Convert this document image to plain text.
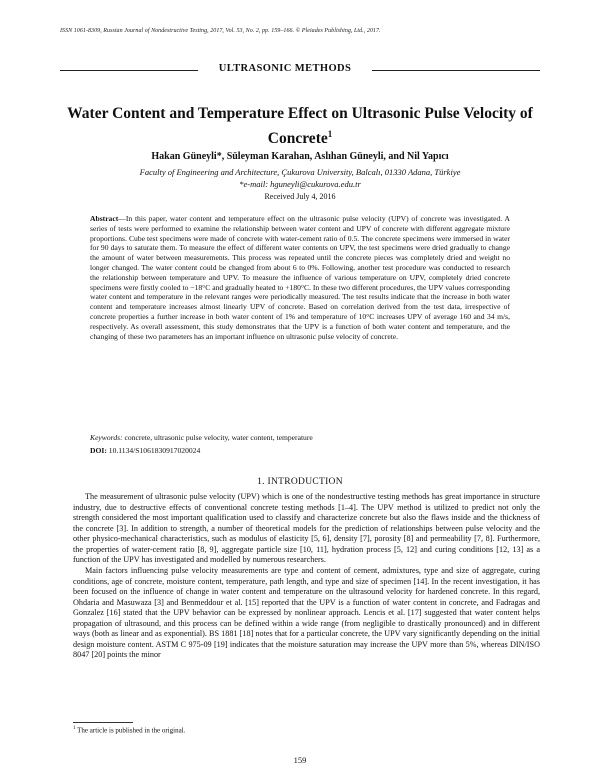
ISSN 1061-8309, Russian Journal of Nondestructive Testing, 2017, Vol. 53, No. 2, pp. 159–166. © Pleiades Publishing, Ltd., 2017.
ULTRASONIC METHODS
Water Content and Temperature Effect on Ultrasonic Pulse Velocity of Concrete$^1$
Hakan Güneyli*, Süleyman Karahan, Aslıhan Güneyli, and Nil Yapıcı
Faculty of Engineering and Architecture, Çukurova University, Balcalı, 01330 Adana, Türkiye
*e-mail: hguneyli@cukurova.edu.tr
Received July 4, 2016
Abstract—In this paper, water content and temperature effect on the ultrasonic pulse velocity (UPV) of concrete was investigated. A series of tests were performed to examine the relationship between water content and UPV of concrete with different aggregate mixture proportions. Cube test specimens were made of concrete with water-cement ratio of 0.5. The concrete specimens were immersed in water for 90 days to saturate them. To measure the effect of different water contents on UPV, the test specimens were dried gradually to change the amount of water between measurements. This process was repeated until the concrete pieces was completely dried and weight no longer changed. The water content could be changed from about 6 to 0%. Following, another test procedure was conducted to research the relationship between temperature and UPV. To measure the influence of various temperature on UPV, completely dried concrete specimens were firstly cooled to −18°C and gradually heated to +180°C. In these two different procedures, the UPV values corresponding water content and temperature in the relevant ranges were periodically measured. The test results indicate that the increase in both water content and temperature increases almost linearly UPV of concrete. Based on correlation derived from the test data, irrespective of concrete properties a further increase in both water content of 1% and temperature of 10°C increases UPV of average 160 and 34 m/s, respectively. As overall assessment, this study demonstrates that the UPV is a function of both water content and temperature, and the changing of these two parameters has an important influence on ultrasonic pulse velocity of concrete.
Keywords: concrete, ultrasonic pulse velocity, water content, temperature
DOI: 10.1134/S1061830917020024
1. INTRODUCTION

The measurement of ultrasonic pulse velocity (UPV) which is one of the nondestructive testing methods has great importance in structure industry, due to destructive effects of conventional concrete testing methods [1–4]. The UPV method is utilized to predict not only the strength considered the most important qualification used to classify and characterize concrete but also the flaws inside and the thickness of the concrete [3]. In addition to strength, a number of theoretical models for the prediction of relationships between pulse velocity and the other physico-mechanical characteristics, such as modulus of elasticity [5, 6], density [7], porosity [8] and permeability [7, 8]. Furthermore, the properties of water-cement ratio [8, 9], aggregate particle size [10, 11], hydration process [5, 12] and curing conditions [12, 13] as a function of the UPV has investigated and modelled by numerous researchers.

Main factors influencing pulse velocity measurements are type and content of cement, admixtures, type and size of aggregate, curing conditions, age of concrete, moisture content, temperature, path length, and type and size of specimen [14]. In the recent investigation, it has been focused on the influence of change in water content and temperature on the ultrasound velocity for hardened concrete. In this regard, Ohdaria and Masuwaza [3] and Benmeddour et al. [15] reported that the UPV is a function of water content in concrete, and Fadragas and Gonzalez [16] stated that the UPV behavior can be expressed by nonlinear approach. Lencis et al. [17] suggested that water content helps propagation of ultrasound, and this process can be defined within a wide range (from negligible to drastically pronounced) and in different ways (both as linear and as exponential). BS 1881 [18] notes that for a particular concrete, the UPV vary significantly depending on the initial design moisture content. ASTM C 975-09 [19] indicates that the moisture saturation may increase the UPV more than 5%, whereas DIN/ISO 8047 [20] points the minor

$^1$ The article is published in the original.
159
